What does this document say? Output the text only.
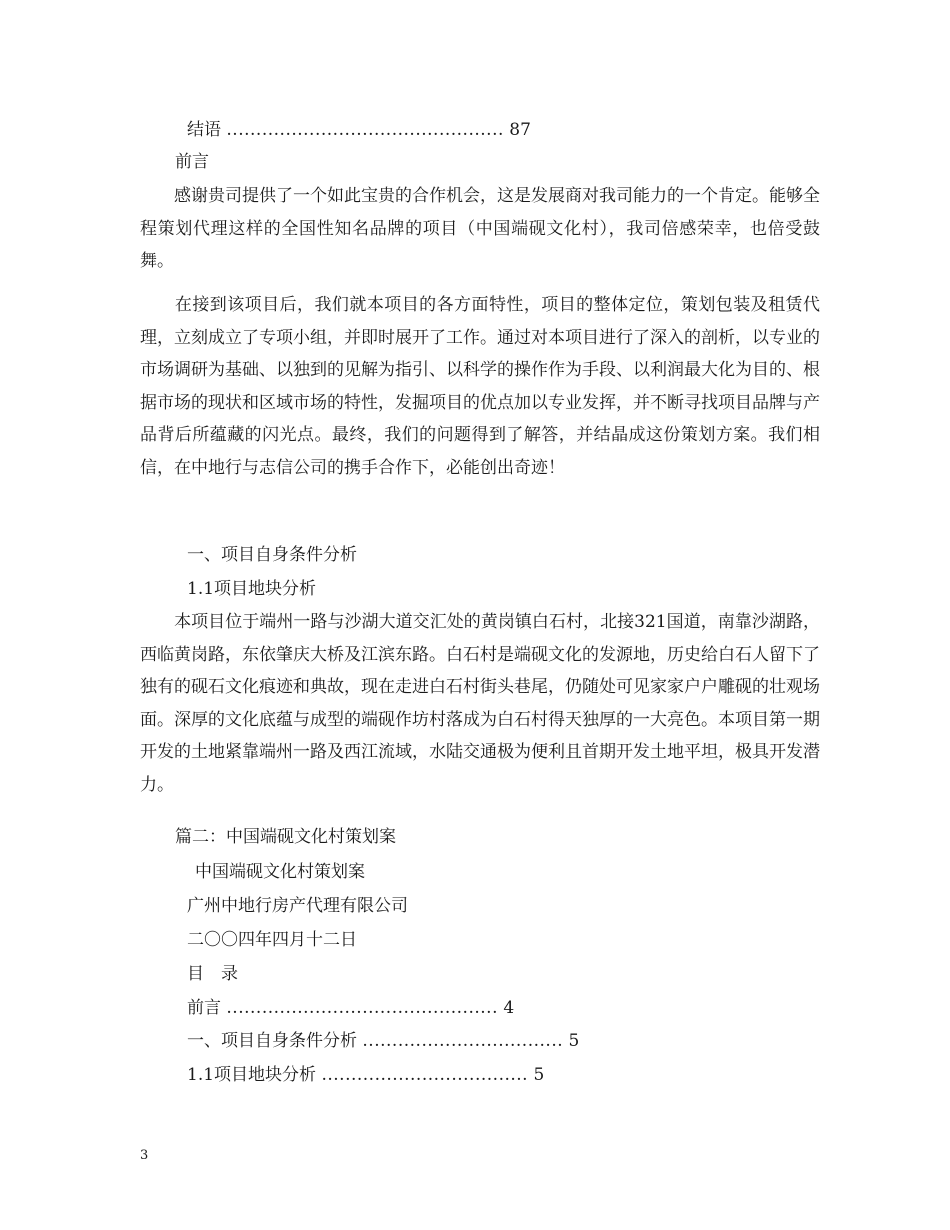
结语 ............................................... 87
前言

　　感谢贵司提供了一个如此宝贵的合作机会，这是发展商对我司能力的一个肯定。能够全程策划代理这样的全国性知名品牌的项目（中国端砚文化村），我司倍感荣幸，也倍受鼓舞。

　　在接到该项目后，我们就本项目的各方面特性，项目的整体定位，策划包装及租赁代理，立刻成立了专项小组，并即时展开了工作。通过对本项目进行了深入的剖析，以专业的市场调研为基础、以独到的见解为指引、以科学的操作作为手段、以利润最大化为目的、根据市场的现状和区域市场的特性，发掘项目的优点加以专业发挥，并不断寻找项目品牌与产品背后所蕴藏的闪光点。最终，我们的问题得到了解答，并结晶成这份策划方案。我们相信，在中地行与志信公司的携手合作下，必能创出奇迹！

一、项目自身条件分析
1.1项目地块分析

　　本项目位于端州一路与沙湖大道交汇处的黄岗镇白石村，北接321国道，南靠沙湖路，西临黄岗路，东依肇庆大桥及江滨东路。白石村是端砚文化的发源地，历史给白石人留下了独有的砚石文化痕迹和典故，现在走进白石村街头巷尾，仍随处可见家家户户雕砚的壮观场面。深厚的文化底蕴与成型的端砚作坊村落成为白石村得天独厚的一大亮色。本项目第一期开发的土地紧靠端州一路及西江流域，水陆交通极为便利且首期开发土地平坦，极具开发潜力。

篇二：中国端砚文化村策划案
中国端砚文化村策划案
广州中地行房产代理有限公司
二〇〇四年四月十二日
目　录
前言 .............................................. 4
一、项目自身条件分析 .................................. 5
1.1项目地块分析 ................................... 5
3
